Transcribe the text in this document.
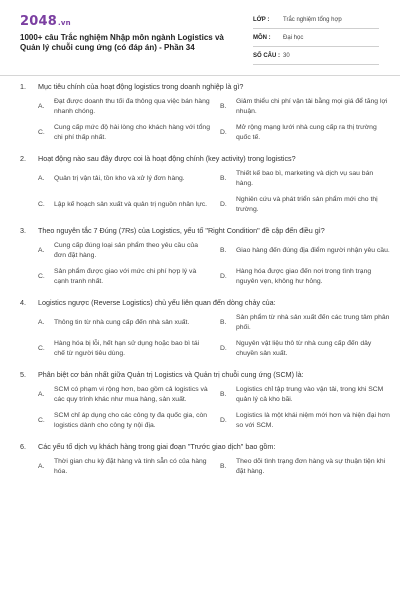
2048.vn
1000+ câu Trắc nghiệm Nhập môn ngành Logistics và Quản lý chuỗi cung ứng (có đáp án) - Phần 34
LỚP : Trắc nghiệm tổng hợp
MÔN : Đại học
SỐ CÂU : 30
1. Mục tiêu chính của hoạt động logistics trong doanh nghiệp là gì?
A.
Đạt được doanh thu tối đa thông qua việc bán hàng nhanh chóng.
B.
Giảm thiểu chi phí vận tải bằng mọi giá để tăng lợi nhuận.
C.
Cung cấp mức độ hài lòng cho khách hàng với tổng chi phí thấp nhất.
D.
Mở rộng mạng lưới nhà cung cấp ra thị trường quốc tế.
2. Hoạt động nào sau đây được coi là hoạt động chính (key activity) trong logistics?
A.	Quản trị vận tải, tồn kho và xử lý đơn hàng.	B.
Thiết kế bao bì, marketing và dịch vụ sau bán hàng.
C.	Lập kế hoạch sản xuất và quản trị nguồn nhân lực.	D.
Nghiên cứu và phát triển sản phẩm mới cho thị trường.
3. Theo nguyên tắc 7 Đúng (7Rs) của Logistics, yếu tố "Right Condition" đề cập đến điều gì?
A.
Cung cấp đúng loại sản phẩm theo yêu cầu của đơn đặt hàng.
B.	Giao hàng đến đúng địa điểm người nhận yêu cầu.
C.
Sản phẩm được giao với mức chi phí hợp lý và cạnh tranh nhất.
D.
Hàng hóa được giao đến nơi trong tình trạng nguyên vẹn, không hư hỏng.
4. Logistics ngược (Reverse Logistics) chủ yếu liên quan đến dòng chảy của:
A.	Thông tin từ nhà cung cấp đến nhà sản xuất.	B.
Sản phẩm từ nhà sản xuất đến các trung tâm phân phối.
C.
Hàng hóa bị lỗi, hết hạn sử dụng hoặc bao bì tái chế từ người tiêu dùng.
D.
Nguyên vật liệu thô từ nhà cung cấp đến dây chuyền sản xuất.
5. Phân biệt cơ bản nhất giữa Quản trị Logistics và Quản trị chuỗi cung ứng (SCM) là:
A.
SCM có phạm vi rộng hơn, bao gồm cả logistics và các quy trình khác như mua hàng, sản xuất.
B.
Logistics chỉ tập trung vào vận tải, trong khi SCM quản lý cả kho bãi.
C.
SCM chỉ áp dụng cho các công ty đa quốc gia, còn logistics dành cho công ty nội địa.
D.
Logistics là một khái niệm mới hơn và hiện đại hơn so với SCM.
6. Các yếu tố dịch vụ khách hàng trong giai đoạn "Trước giao dịch" bao gồm:
A.
Thời gian chu kỳ đặt hàng và tính sẵn có của hàng hóa.
B.
Theo dõi tình trạng đơn hàng và sự thuận tiện khi đặt hàng.
